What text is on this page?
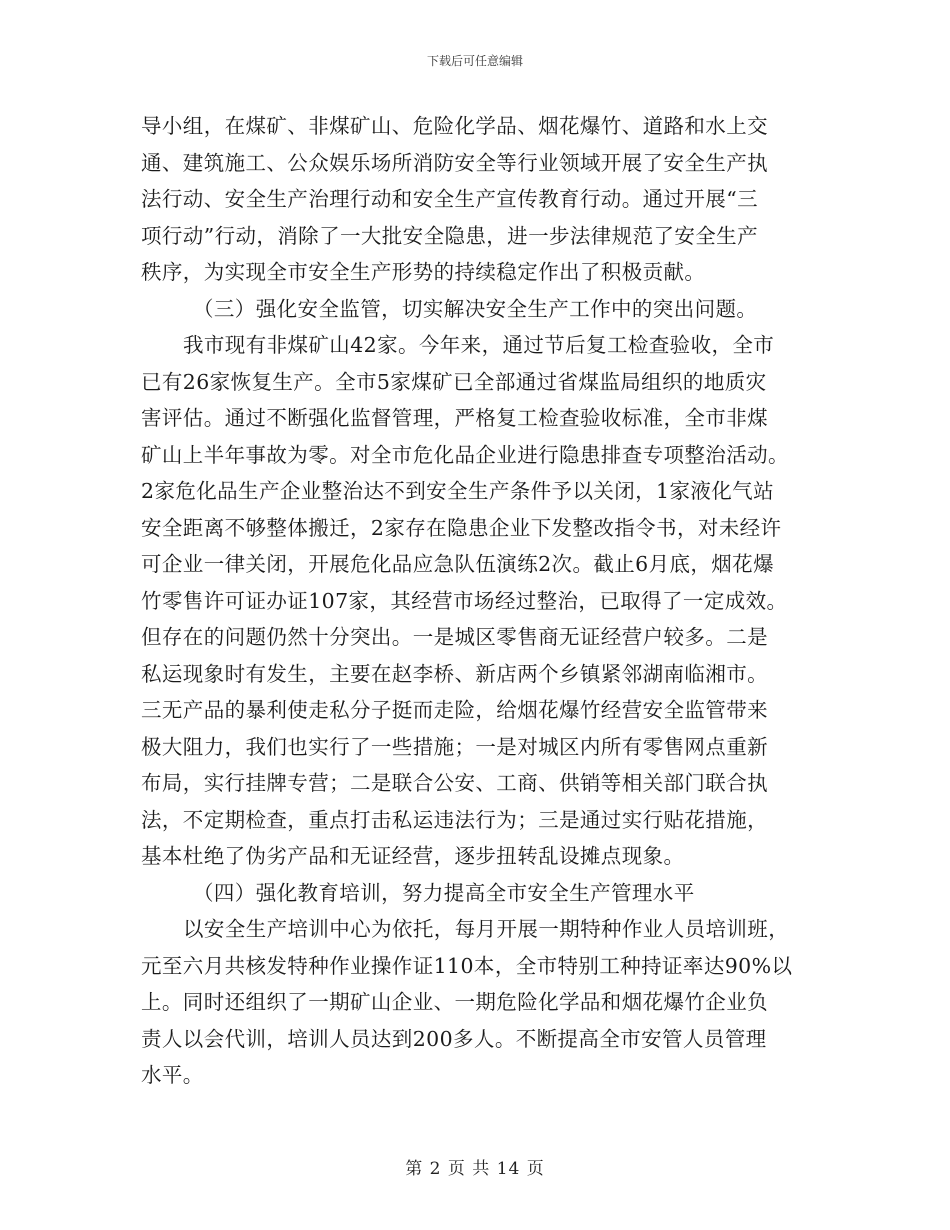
下载后可任意编辑
导小组，在煤矿、非煤矿山、危险化学品、烟花爆竹、道路和水上交
通、建筑施工、公众娱乐场所消防安全等行业领域开展了安全生产执
法行动、安全生产治理行动和安全生产宣传教育行动。通过开展“三
项行动”行动，消除了一大批安全隐患，进一步法律规范了安全生产
秩序，为实现全市安全生产形势的持续稳定作出了积极贡献。
（三）强化安全监管，切实解决安全生产工作中的突出问题。
我市现有非煤矿山42家。今年来，通过节后复工检查验收，全市
已有26家恢复生产。全市5家煤矿已全部通过省煤监局组织的地质灾
害评估。通过不断强化监督管理，严格复工检查验收标准，全市非煤
矿山上半年事故为零。对全市危化品企业进行隐患排查专项整治活动。
2家危化品生产企业整治达不到安全生产条件予以关闭，1家液化气站
安全距离不够整体搬迁，2家存在隐患企业下发整改指令书，对未经许
可企业一律关闭，开展危化品应急队伍演练2次。截止6月底，烟花爆
竹零售许可证办证107家，其经营市场经过整治，已取得了一定成效。
但存在的问题仍然十分突出。一是城区零售商无证经营户较多。二是
私运现象时有发生，主要在赵李桥、新店两个乡镇紧邻湖南临湘市。
三无产品的暴利使走私分子挺而走险，给烟花爆竹经营安全监管带来
极大阻力，我们也实行了一些措施；一是对城区内所有零售网点重新
布局，实行挂牌专营；二是联合公安、工商、供销等相关部门联合执
法，不定期检查，重点打击私运违法行为；三是通过实行贴花措施，
基本杜绝了伪劣产品和无证经营，逐步扭转乱设摊点现象。
（四）强化教育培训，努力提高全市安全生产管理水平
以安全生产培训中心为依托，每月开展一期特种作业人员培训班，
元至六月共核发特种作业操作证110本，全市特别工种持证率达90%以
上。同时还组织了一期矿山企业、一期危险化学品和烟花爆竹企业负
责人以会代训，培训人员达到200多人。不断提高全市安管人员管理
水平。
第 2 页 共 14 页
